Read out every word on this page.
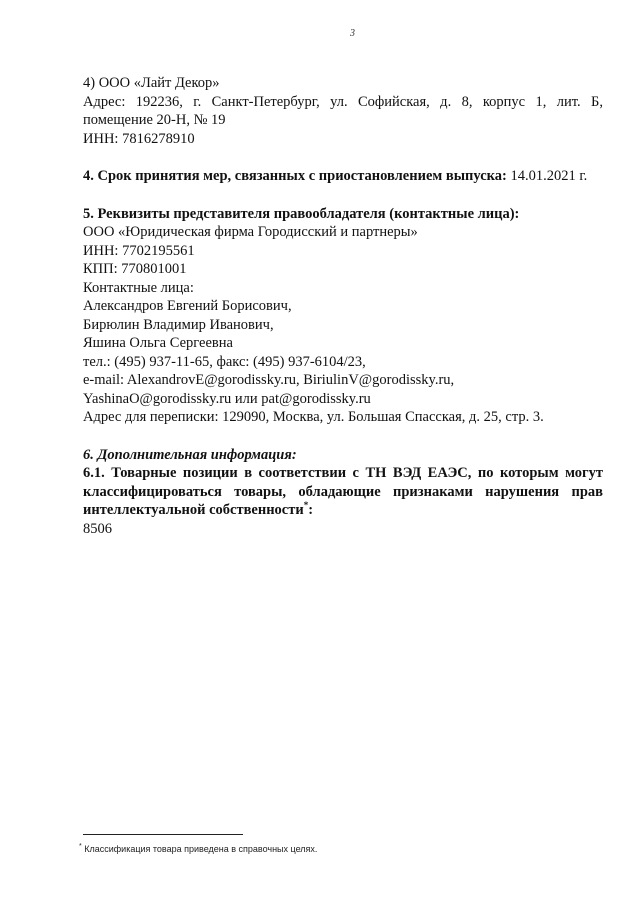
3
4) ООО «Лайт Декор»
Адрес: 192236, г. Санкт-Петербург, ул. Софийская, д. 8, корпус 1, лит. Б,
помещение 20-Н, № 19
ИНН: 7816278910
4. Срок принятия мер, связанных с приостановлением выпуска: 14.01.2021 г.
5. Реквизиты представителя правообладателя (контактные лица):
ООО «Юридическая фирма Городисский и партнеры»
ИНН: 7702195561
КПП: 770801001
Контактные лица:
Александров Евгений Борисович,
Бирюлин Владимир Иванович,
Яшина Ольга Сергеевна
тел.: (495) 937-11-65, факс: (495) 937-6104/23,
e-mail: AlexandrovE@gorodissky.ru, BiriulinV@gorodissky.ru,
YashinaO@gorodissky.ru или pat@gorodissky.ru
Адрес для переписки: 129090, Москва, ул. Большая Спасская, д. 25, стр. 3.
6. Дополнительная информация:
6.1. Товарные позиции в соответствии с ТН ВЭД ЕАЭС, по которым могут
классифицироваться товары, обладающие признаками нарушения прав
интеллектуальной собственности*:
8506
* Классификация товара приведена в справочных целях.
